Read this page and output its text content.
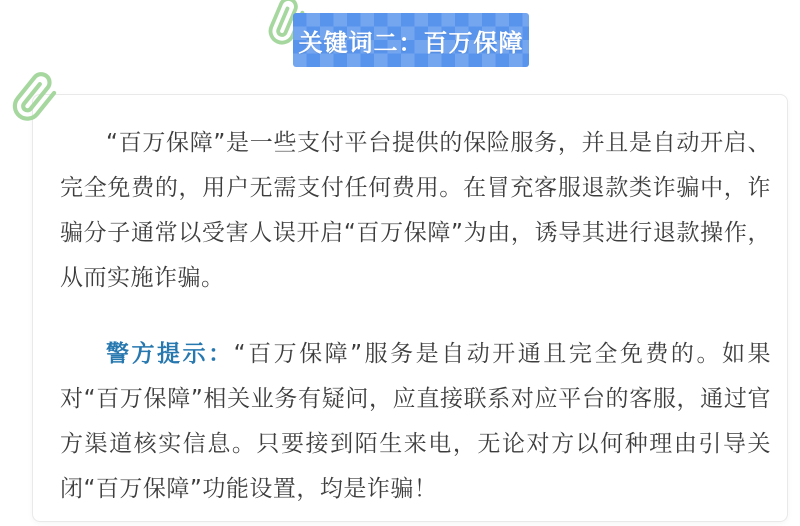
关键词二：百万保障

“百万保障”是一些支付平台提供的保险服务，并且是自动开启、完全免费的，用户无需支付任何费用。在冒充客服退款类诈骗中，诈骗分子通常以受害人误开启“百万保障”为由，诱导其进行退款操作，从而实施诈骗。

警方提示：“百万保障”服务是自动开通且完全免费的。如果对“百万保障”相关业务有疑问，应直接联系对应平台的客服，通过官方渠道核实信息。只要接到陌生来电，无论对方以何种理由引导关闭“百万保障”功能设置，均是诈骗！
